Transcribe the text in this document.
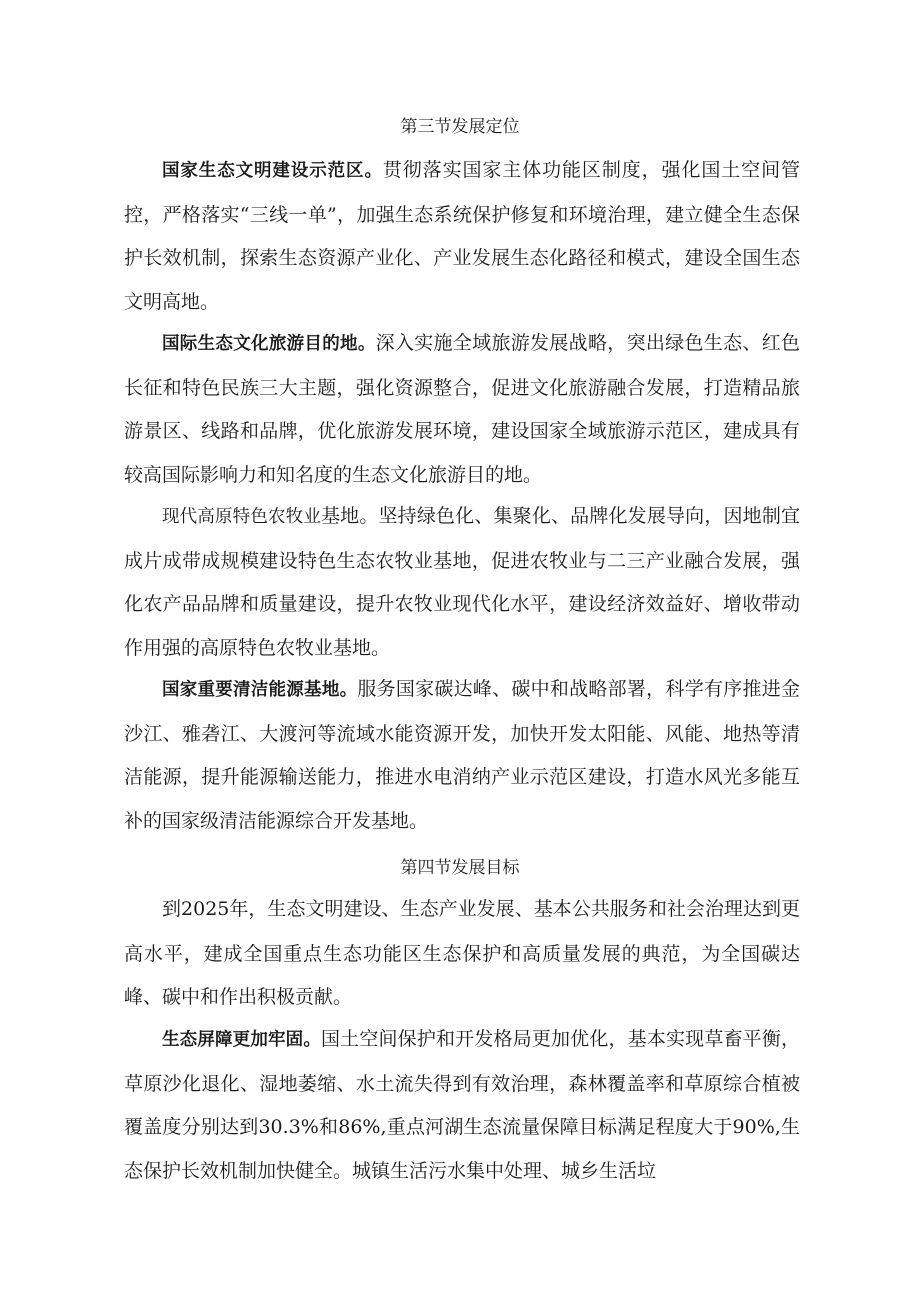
第三节发展定位

国家生态文明建设示范区。贯彻落实国家主体功能区制度，强化国土空间管控，严格落实“三线一单”，加强生态系统保护修复和环境治理，建立健全生态保护长效机制，探索生态资源产业化、产业发展生态化路径和模式，建设全国生态文明高地。

国际生态文化旅游目的地。深入实施全域旅游发展战略，突出绿色生态、红色长征和特色民族三大主题，强化资源整合，促进文化旅游融合发展，打造精品旅游景区、线路和品牌，优化旅游发展环境，建设国家全域旅游示范区，建成具有较高国际影响力和知名度的生态文化旅游目的地。

现代高原特色农牧业基地。坚持绿色化、集聚化、品牌化发展导向，因地制宜成片成带成规模建设特色生态农牧业基地，促进农牧业与二三产业融合发展，强化农产品品牌和质量建设，提升农牧业现代化水平，建设经济效益好、增收带动作用强的高原特色农牧业基地。

国家重要清洁能源基地。服务国家碳达峰、碳中和战略部署，科学有序推进金沙江、雅砻江、大渡河等流域水能资源开发，加快开发太阳能、风能、地热等清洁能源，提升能源输送能力，推进水电消纳产业示范区建设，打造水风光多能互补的国家级清洁能源综合开发基地。

第四节发展目标

到2025年，生态文明建设、生态产业发展、基本公共服务和社会治理达到更高水平，建成全国重点生态功能区生态保护和高质量发展的典范，为全国碳达峰、碳中和作出积极贡献。

生态屏障更加牢固。国土空间保护和开发格局更加优化，基本实现草畜平衡，草原沙化退化、湿地萎缩、水土流失得到有效治理，森林覆盖率和草原综合植被覆盖度分别达到30.3%和86%,重点河湖生态流量保障目标满足程度大于90%,生态保护长效机制加快健全。城镇生活污水集中处理、城乡生活垃
